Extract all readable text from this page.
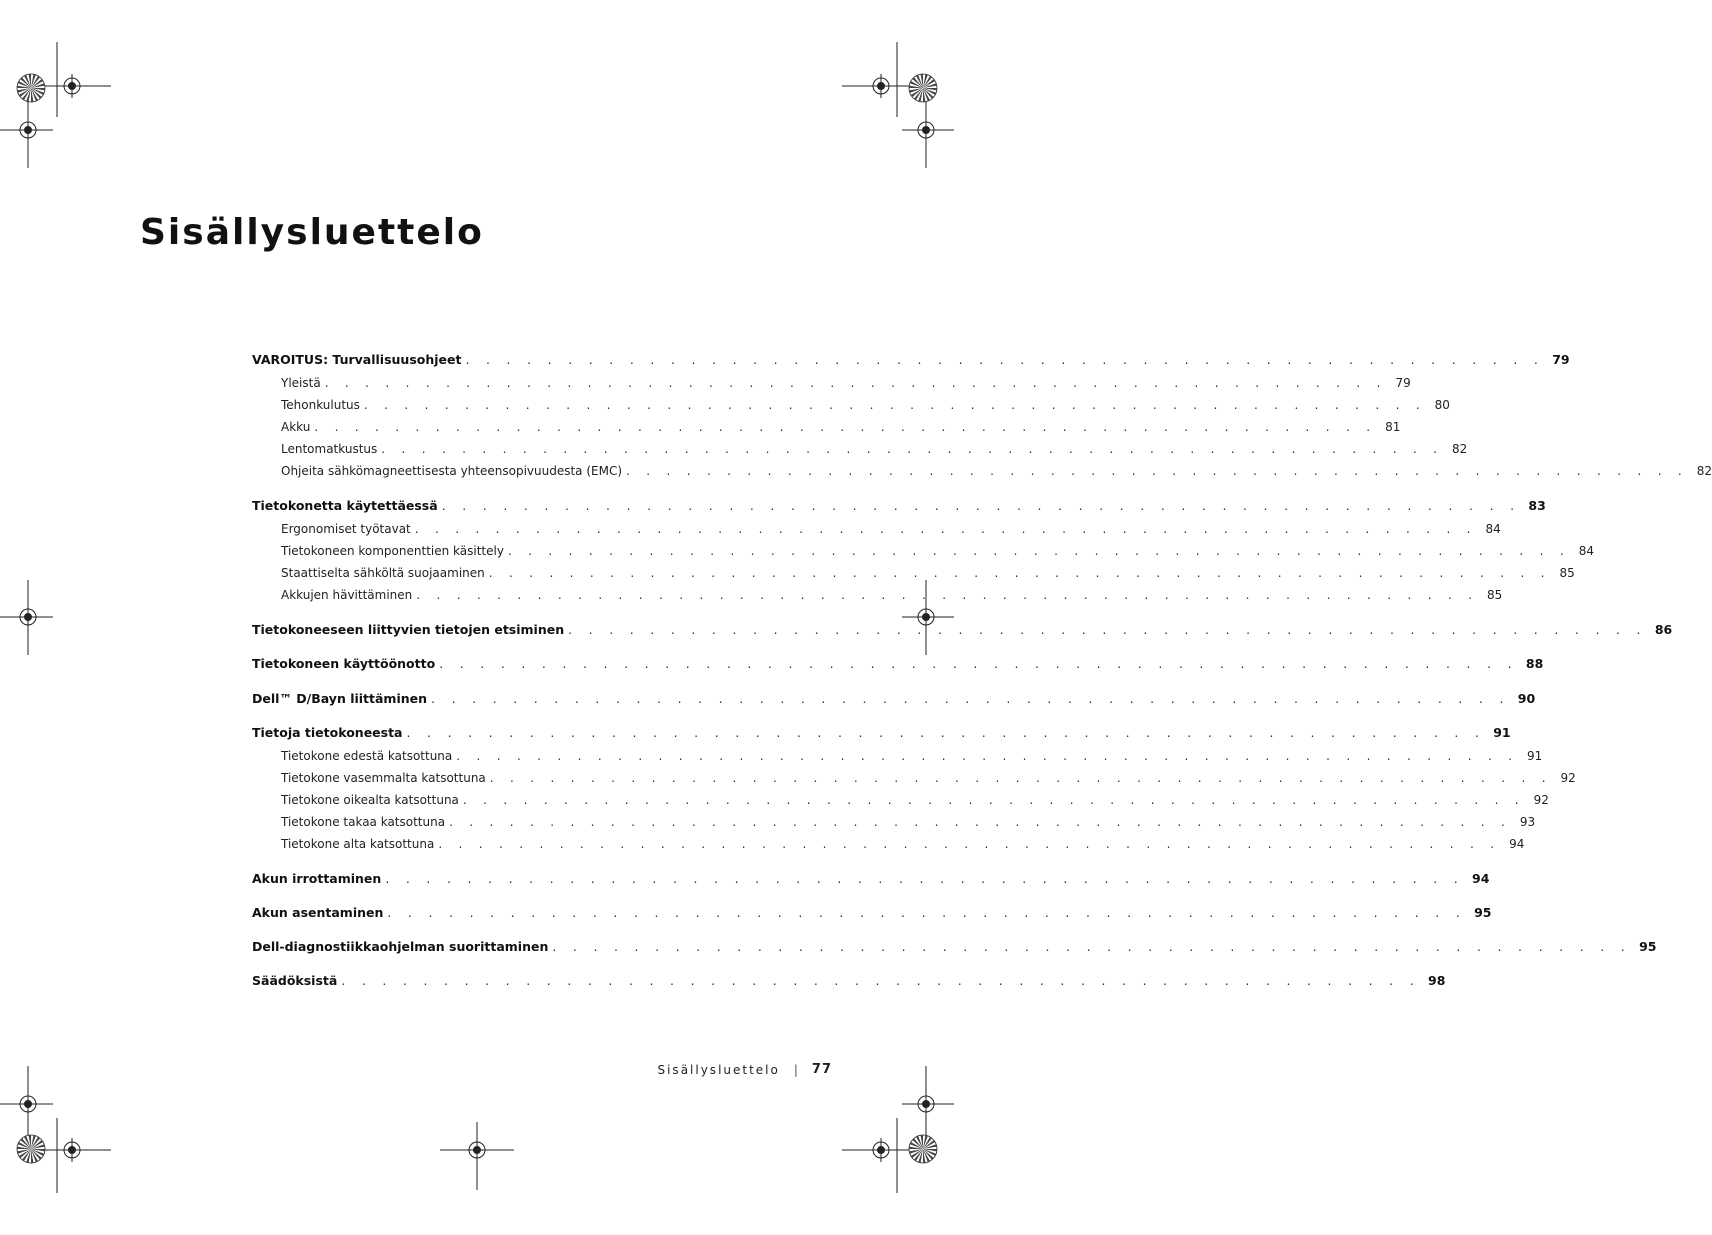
Sisällysluettelo
VAROITUS: Turvallisuusohjeet . . . . . . . . . . . . . . . . . . . . . . . . . . . . . . . . . . . . . . . . . . . . . . . . . . . . . 79
Yleistä . . . . . . . . . . . . . . . . . . . . . . . . . . . . . . . . . . . . . . . . . . . . . . . . . . . . . 79
Tehonkulutus . . . . . . . . . . . . . . . . . . . . . . . . . . . . . . . . . . . . . . . . . . . . . . . . . . . . . 80
Akku . . . . . . . . . . . . . . . . . . . . . . . . . . . . . . . . . . . . . . . . . . . . . . . . . . . . . 81
Lentomatkustus . . . . . . . . . . . . . . . . . . . . . . . . . . . . . . . . . . . . . . . . . . . . . . . . . . . . . 82
Ohjeita sähkömagneettisesta yhteensopivuudesta (EMC) . . . . . . . . . . . . . . . . . . . . . . . . . . . . . . . . . . . . . . . . . . . . . . . . . . . . . 82
Tietokonetta käytettäessä . . . . . . . . . . . . . . . . . . . . . . . . . . . . . . . . . . . . . . . . . . . . . . . . . . . . . 83
Ergonomiset työtavat . . . . . . . . . . . . . . . . . . . . . . . . . . . . . . . . . . . . . . . . . . . . . . . . . . . . . 84
Tietokoneen komponenttien käsittely . . . . . . . . . . . . . . . . . . . . . . . . . . . . . . . . . . . . . . . . . . . . . . . . . . . . . 84
Staattiselta sähköltä suojaaminen . . . . . . . . . . . . . . . . . . . . . . . . . . . . . . . . . . . . . . . . . . . . . . . . . . . . . 85
Akkujen hävittäminen . . . . . . . . . . . . . . . . . . . . . . . . . . . . . . . . . . . . . . . . . . . . . . . . . . . . . 85
Tietokoneeseen liittyvien tietojen etsiminen . . . . . . . . . . . . . . . . . . . . . . . . . . . . . . . . . . . . . . . . . . . . . . . . . . . . . 86
Tietokoneen käyttöönotto . . . . . . . . . . . . . . . . . . . . . . . . . . . . . . . . . . . . . . . . . . . . . . . . . . . . . 88
Dell™ D/Bayn liittäminen . . . . . . . . . . . . . . . . . . . . . . . . . . . . . . . . . . . . . . . . . . . . . . . . . . . . . 90
Tietoja tietokoneesta . . . . . . . . . . . . . . . . . . . . . . . . . . . . . . . . . . . . . . . . . . . . . . . . . . . . . 91
Tietokone edestä katsottuna . . . . . . . . . . . . . . . . . . . . . . . . . . . . . . . . . . . . . . . . . . . . . . . . . . . . . 91
Tietokone vasemmalta katsottuna . . . . . . . . . . . . . . . . . . . . . . . . . . . . . . . . . . . . . . . . . . . . . . . . . . . . . 92
Tietokone oikealta katsottuna . . . . . . . . . . . . . . . . . . . . . . . . . . . . . . . . . . . . . . . . . . . . . . . . . . . . . 92
Tietokone takaa katsottuna . . . . . . . . . . . . . . . . . . . . . . . . . . . . . . . . . . . . . . . . . . . . . . . . . . . . . 93
Tietokone alta katsottuna . . . . . . . . . . . . . . . . . . . . . . . . . . . . . . . . . . . . . . . . . . . . . . . . . . . . . 94
Akun irrottaminen . . . . . . . . . . . . . . . . . . . . . . . . . . . . . . . . . . . . . . . . . . . . . . . . . . . . . 94
Akun asentaminen . . . . . . . . . . . . . . . . . . . . . . . . . . . . . . . . . . . . . . . . . . . . . . . . . . . . . 95
Dell-diagnostiikkaohjelman suorittaminen . . . . . . . . . . . . . . . . . . . . . . . . . . . . . . . . . . . . . . . . . . . . . . . . . . . . . 95
Säädöksistä . . . . . . . . . . . . . . . . . . . . . . . . . . . . . . . . . . . . . . . . . . . . . . . . . . . . . 98
Sisällysluettelo | 77
